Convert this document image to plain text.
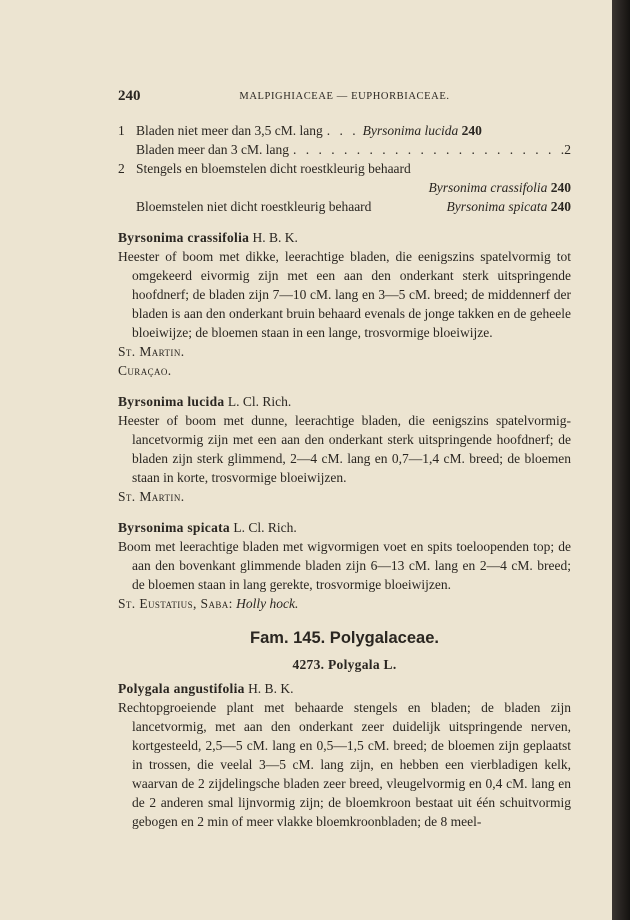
240	MALPIGHIACEAE — EUPHORBIACEAE.
1 Bladen niet meer dan 3,5 cM. lang . . .	Byrsonima lucida 240
Bladen meer dan 3 cM. lang . . .	2
2 Stengels en bloemstelen dicht roestkleurig behaard
Byrsonima crassifolia 240
Bloemstelen niet dicht roestkleurig behaard	Byrsonima spicata 240
Byrsonima crassifolia H. B. K.
Heester of boom met dikke, leerachtige bladen, die eenigszins spatelvormig tot omgekeerd eivormig zijn met een aan den onderkant sterk uitspringende hoofdnerf; de bladen zijn 7—10 cM. lang en 3—5 cM. breed; de middennerf der bladen is aan den onderkant bruin behaard evenals de jonge takken en de geheele bloeiwijze; de bloemen staan in een lange, trosvormige bloeiwijze.
St. Martin.
Curaçao.
Byrsonima lucida L. Cl. Rich.
Heester of boom met dunne, leerachtige bladen, die eenigszins spatelvormig-lancetvormig zijn met een aan den onderkant sterk uitspringende hoofdnerf; de bladen zijn sterk glimmend, 2—4 cM. lang en 0,7—1,4 cM. breed; de bloemen staan in korte, trosvormige bloeiwijzen.
St. Martin.
Byrsonima spicata L. Cl. Rich.
Boom met leerachtige bladen met wigvormigen voet en spits toeloopenden top; de aan den bovenkant glimmende bladen zijn 6—13 cM. lang en 2—4 cM. breed; de bloemen staan in lang gerekte, trosvormige bloeiwijzen.
St. Eustatius, Saba: Holly hock.
Fam. 145. Polygalaceae.
4273. Polygala L.
Polygala angustifolia H. B. K.
Rechtopgroeiende plant met behaarde stengels en bladen; de bladen zijn lancetvormig, met aan den onderkant zeer duidelijk uitspringende nerven, kortgesteeld, 2,5—5 cM. lang en 0,5—1,5 cM. breed; de bloemen zijn geplaatst in trossen, die veelal 3—5 cM. lang zijn, en hebben een vierbladigen kelk, waarvan de 2 zijdelingsche bladen zeer breed, vleugelvormig en 0,4 cM. lang en de 2 anderen smal lijnvormig zijn; de bloemkroon bestaat uit één schuitvormig gebogen en 2 min of meer vlakke bloemkroonbladen; de 8 meel-
